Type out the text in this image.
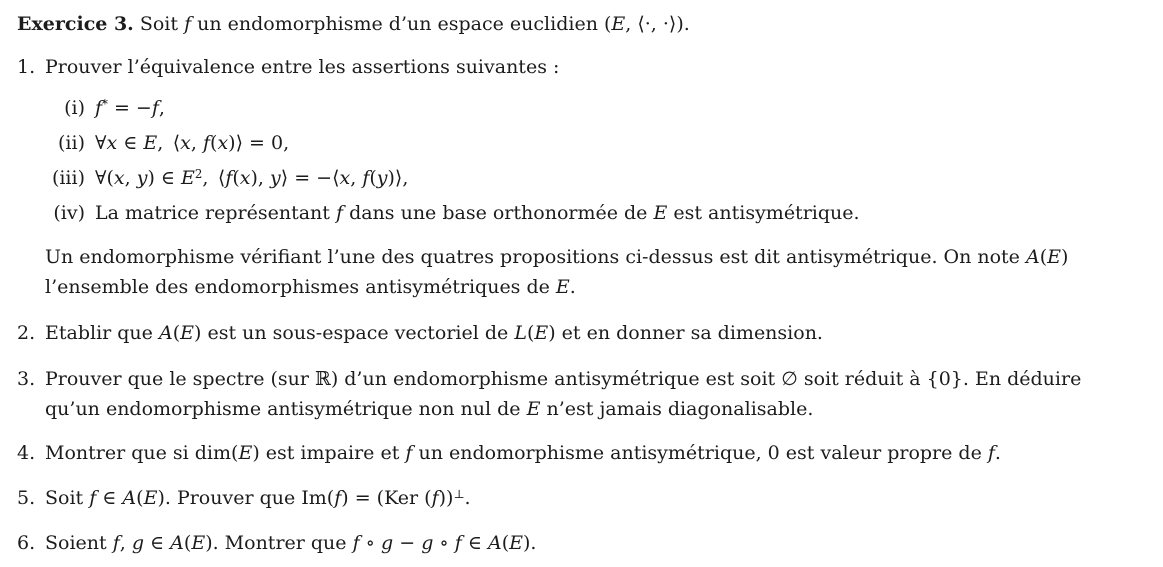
Exercice 3. Soit f un endomorphisme d’un espace euclidien (E, ⟨·, ·⟩).

1. Prouver l’équivalence entre les assertions suivantes :
(i) f* = −f,
(ii) ∀x ∈ E, ⟨x, f(x)⟩ = 0,
(iii) ∀(x, y) ∈ $E^2$, ⟨f(x), y⟩ = −⟨x, f(y)⟩,
(iv) La matrice représentant f dans une base orthonormée de E est antisymétrique.

Un endomorphisme vérifiant l’une des quatres propositions ci-dessus est dit antisymétrique. On note A(E)
l’ensemble des endomorphismes antisymétriques de E.

2. Etablir que A(E) est un sous-espace vectoriel de L(E) et en donner sa dimension.
3. Prouver que le spectre (sur ℝ) d’un endomorphisme antisymétrique est soit ∅ soit réduit à {0}. En déduire
qu’un endomorphisme antisymétrique non nul de E n’est jamais diagonalisable.
4. Montrer que si dim(E) est impaire et f un endomorphisme antisymétrique, 0 est valeur propre de f.
5. Soit f ∈ A(E). Prouver que Im(f) = (Ker (f))⊥.
6. Soient f, g ∈ A(E). Montrer que f ∘ g − g ∘ f ∈ A(E).
